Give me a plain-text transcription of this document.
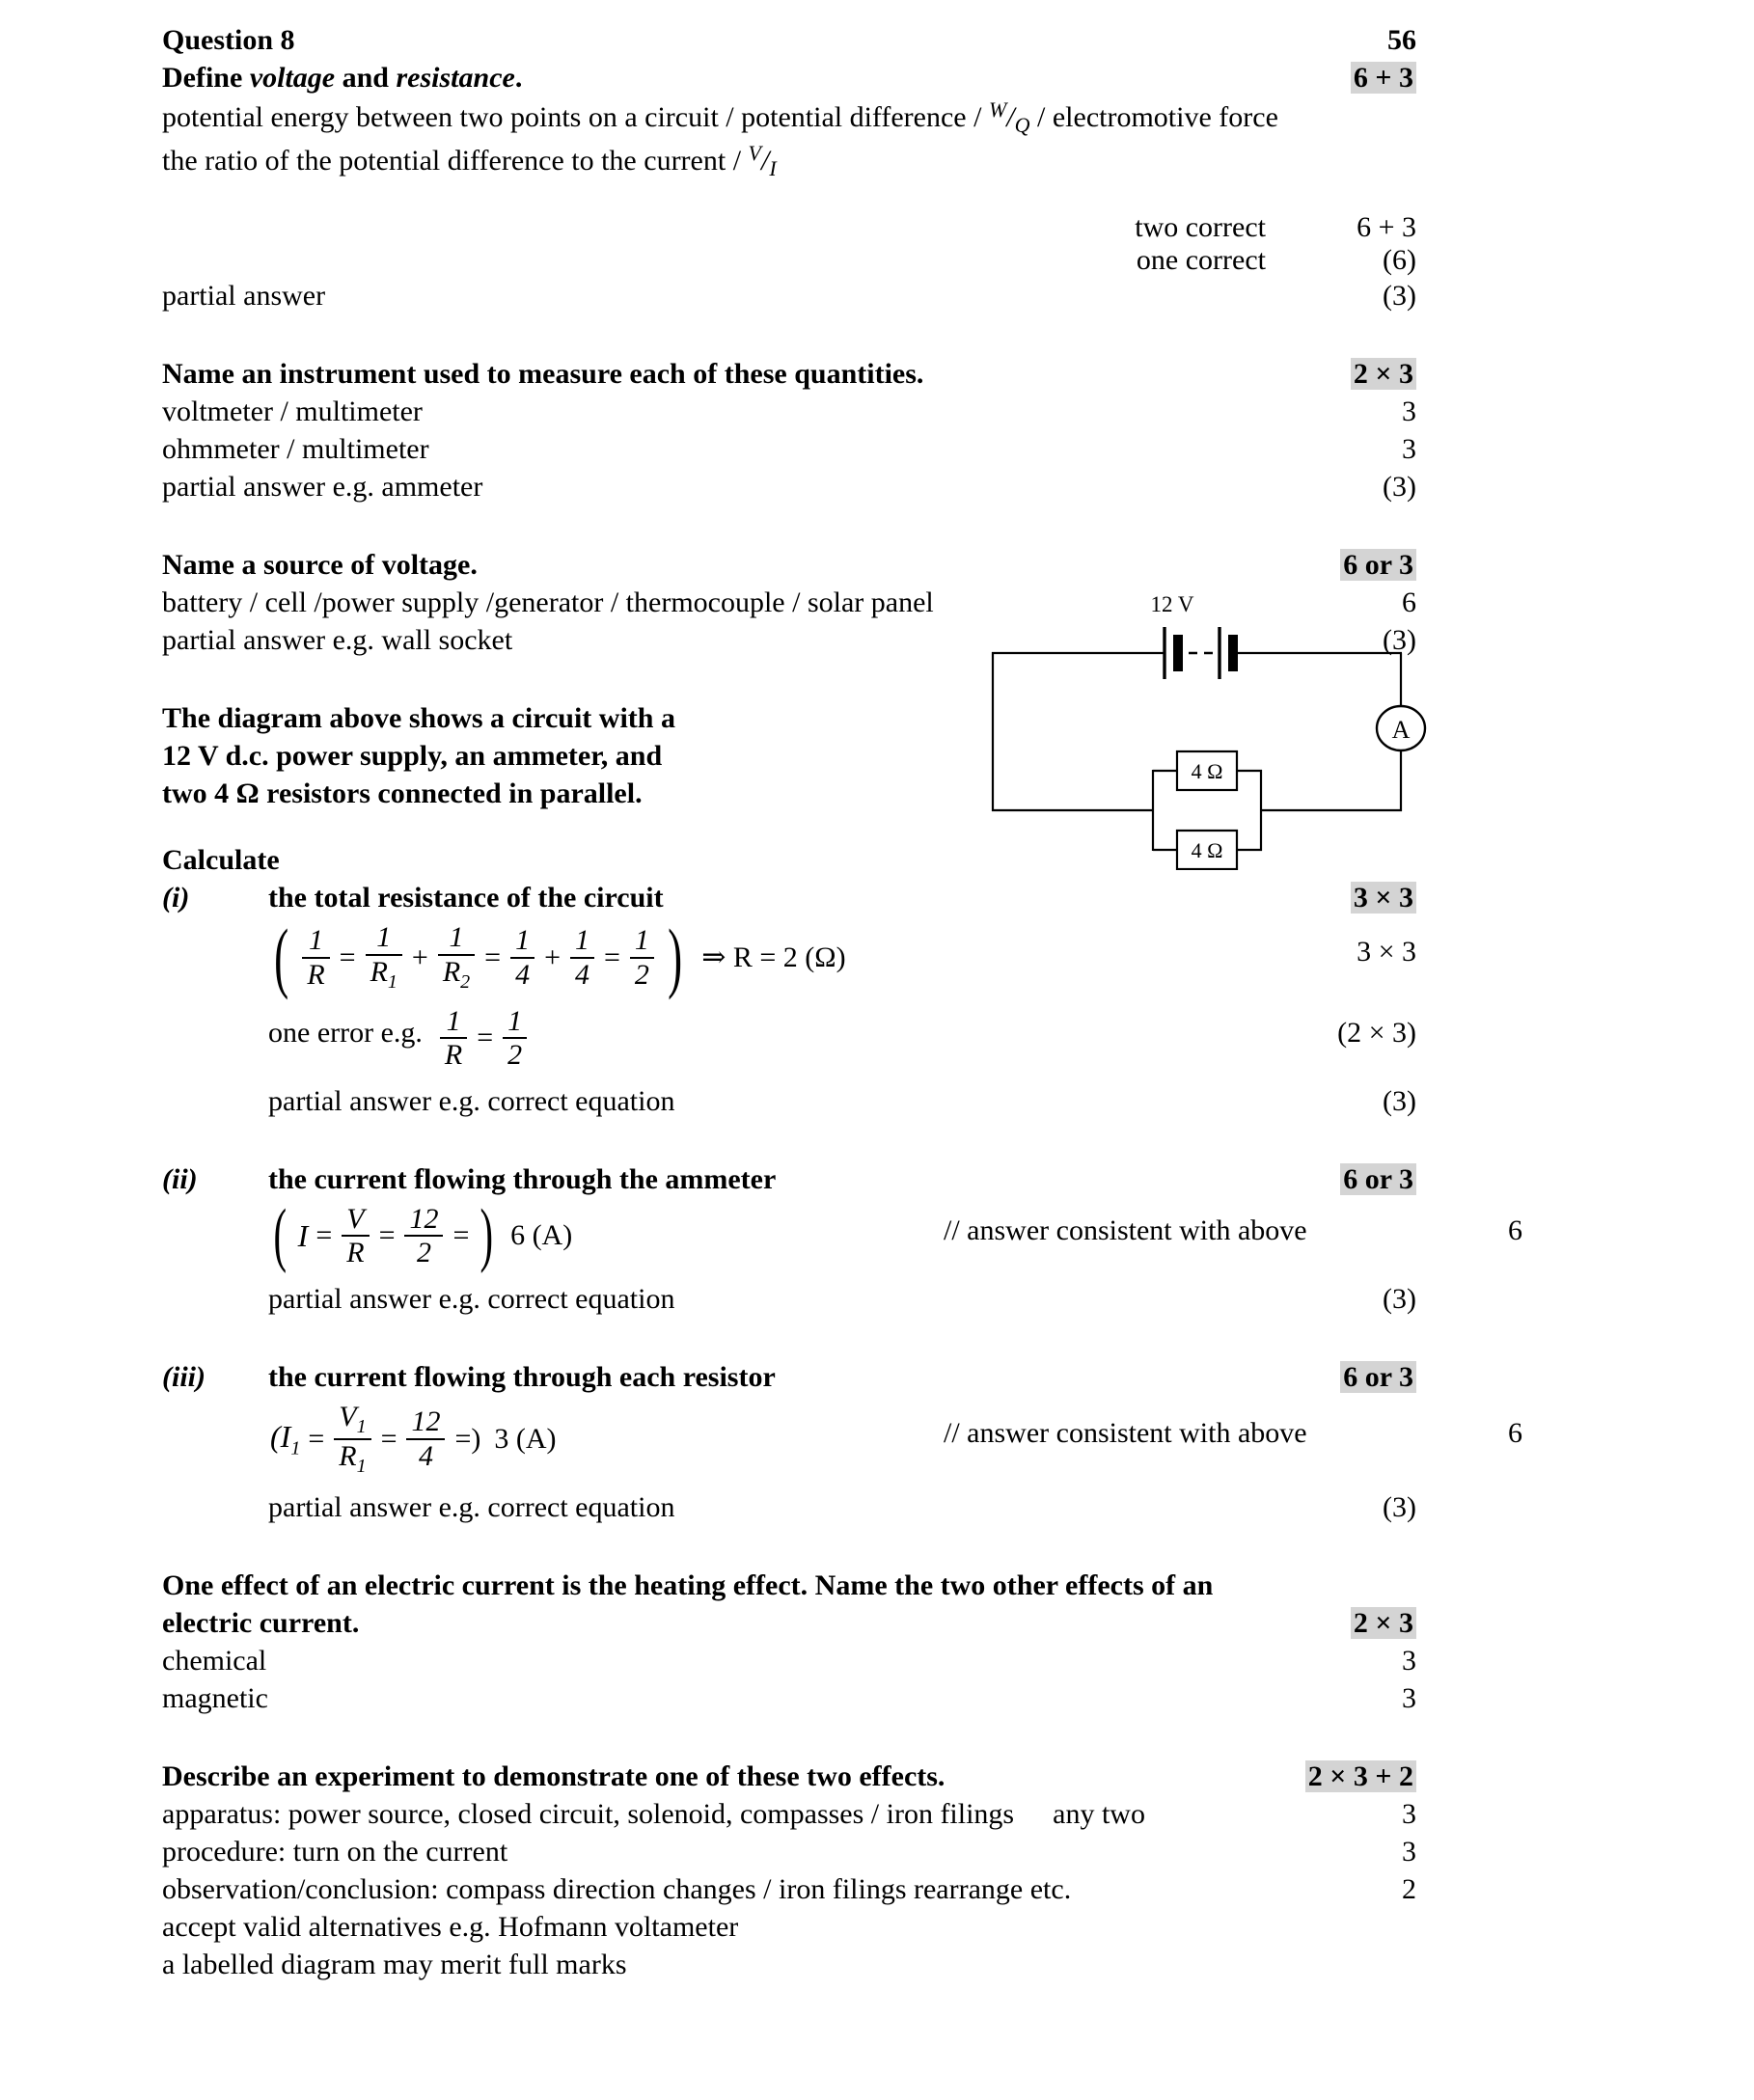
12 V
A
4 Ω
4 Ω
Question 8	56
Define voltage and resistance.	6 + 3
potential energy between two points on a circuit / potential difference / $^W/_Q$ / electromotive force
the ratio of the potential difference to the current / $^V/_I$
two correct	6 + 3
one correct	(6)
partial answer	(3)
Name an instrument used to measure each of these quantities.	2 × 3
voltmeter / multimeter	3
ohmmeter / multimeter	3
partial answer e.g. ammeter	(3)
Name a source of voltage.	6 or 3
battery / cell /power supply /generator / thermocouple / solar panel	6
partial answer e.g. wall socket	(3)
The diagram above shows a circuit with a
12 V d.c. power supply, an ammeter, and
two 4 Ω resistors connected in parallel.
Calculate
(i)	the total resistance of the circuit	3 × 3
( $\frac{1}{R} = \frac{1}{R_1} + \frac{1}{R_2} = \frac{1}{4} + \frac{1}{4} = \frac{1}{2}$ ) ⇒ R = 2 (Ω)	3 × 3
one error e.g. $\frac{1}{R} = \frac{1}{2}$	(2 × 3)
partial answer e.g. correct equation	(3)
(ii) the current flowing through the ammeter	6 or 3
( $I = \frac{V}{R} = \frac{12}{2}$ = ) 6 (A)	// answer consistent with above	6
partial answer e.g. correct equation	(3)
(iii) the current flowing through each resistor	6 or 3
($I_1 = \frac{V_1}{R_1} = \frac{12}{4}$ =) 3 (A)	// answer consistent with above	6
partial answer e.g. correct equation	(3)
One effect of an electric current is the heating effect. Name the two other effects of an
electric current.	2 × 3
chemical	3
magnetic	3
Describe an experiment to demonstrate one of these two effects.	2 × 3 + 2
apparatus: power source, closed circuit, solenoid, compasses / iron filings any two	3
procedure: turn on the current	3
observation/conclusion: compass direction changes / iron filings rearrange etc.	2
accept valid alternatives e.g. Hofmann voltameter
a labelled diagram may merit full marks
